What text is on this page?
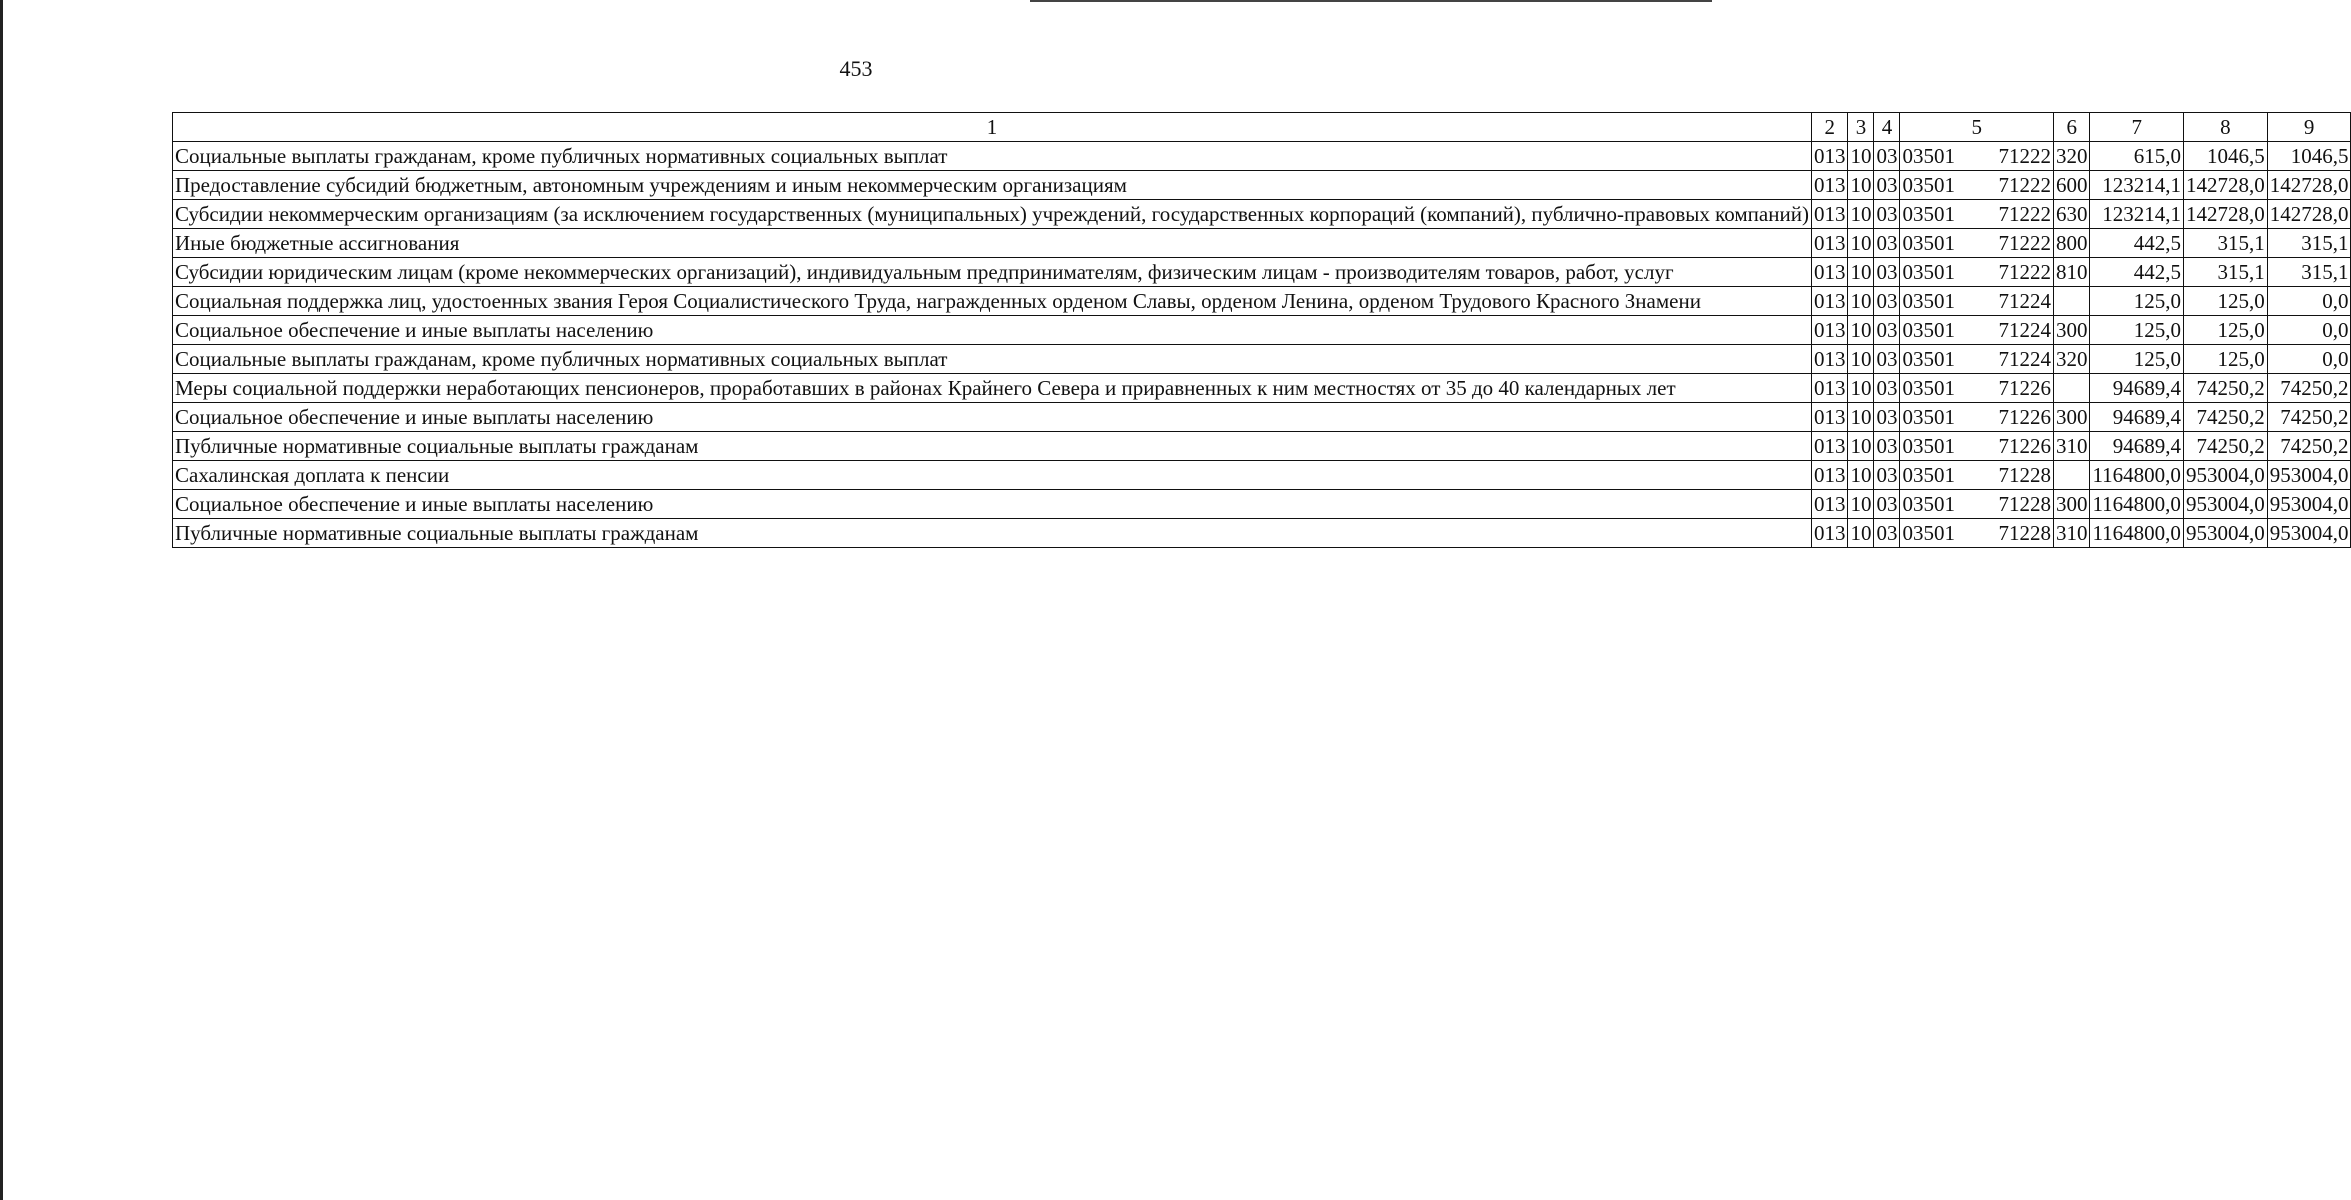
453
1	2	3	4	5	6	7	8	9
Социальные выплаты гражданам, кроме публичных нормативных социальных выплат	013	10	03	03501 71222	320	615,0	1046,5	1046,5
Предоставление субсидий бюджетным, автономным учреждениям и иным некоммерческим организациям	013	10	03	03501 71222	600	123214,1	142728,0	142728,0
Субсидии некоммерческим организациям (за исключением государственных (муниципальных) учреждений, государственных корпораций (компаний), публично-правовых компаний)	013	10	03	03501 71222	630	123214,1	142728,0	142728,0
Иные бюджетные ассигнования	013	10	03	03501 71222	800	442,5	315,1	315,1
Субсидии юридическим лицам (кроме некоммерческих организаций), индивидуальным предпринимателям, физическим лицам - производителям товаров, работ, услуг	013	10	03	03501 71222	810	442,5	315,1	315,1
Социальная поддержка лиц, удостоенных звания Героя Социалистического Труда, награжденных орденом Славы, орденом Ленина, орденом Трудового Красного Знамени	013	10	03	03501 71224		125,0	125,0	0,0
Социальное обеспечение и иные выплаты населению	013	10	03	03501 71224	300	125,0	125,0	0,0
Социальные выплаты гражданам, кроме публичных нормативных социальных выплат	013	10	03	03501 71224	320	125,0	125,0	0,0
Меры социальной поддержки неработающих пенсионеров, проработавших в районах Крайнего Севера и приравненных к ним местностях от 35 до 40 календарных лет	013	10	03	03501 71226		94689,4	74250,2	74250,2
Социальное обеспечение и иные выплаты населению	013	10	03	03501 71226	300	94689,4	74250,2	74250,2
Публичные нормативные социальные выплаты гражданам	013	10	03	03501 71226	310	94689,4	74250,2	74250,2
Сахалинская доплата к пенсии	013	10	03	03501 71228		1164800,0	953004,0	953004,0
Социальное обеспечение и иные выплаты населению	013	10	03	03501 71228	300	1164800,0	953004,0	953004,0
Публичные нормативные социальные выплаты гражданам	013	10	03	03501 71228	310	1164800,0	953004,0	953004,0
